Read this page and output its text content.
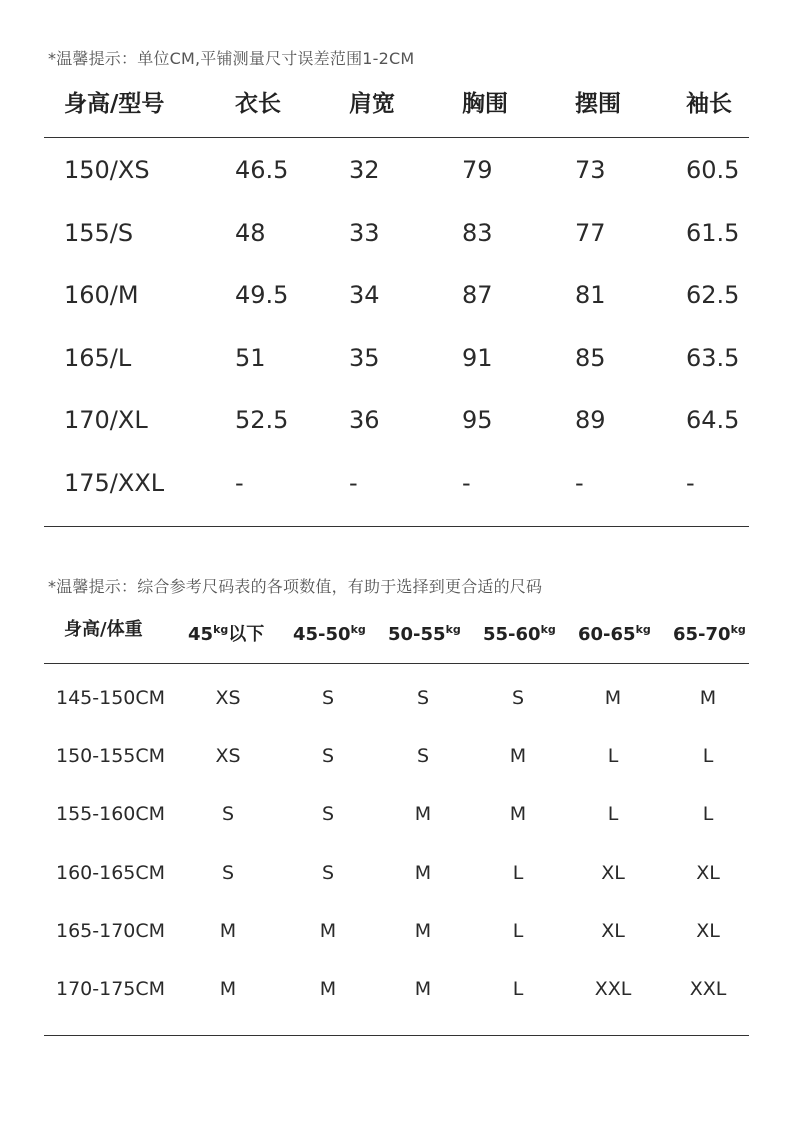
*温馨提示：单位CM,平铺测量尺寸误差范围1-2CM
身高/型号	衣长	肩宽	胸围	摆围	袖长
150/XS	46.5	32	79	73	60.5
155/S	48	33	83	77	61.5
160/M	49.5	34	87	81	62.5
165/L	51	35	91	85	63.5
170/XL	52.5	36	95	89	64.5
175/XXL	-	-	-	-	-
*温馨提示：综合参考尺码表的各项数值，有助于选择到更合适的尺码
身高/体重	$45^{kg}$以下 $45-50^{kg}$ $50-55^{kg}$ $55-60^{kg}$ $60-65^{kg}$ $65-70^{kg}$
145-150CM	XS	S	S	S	M	M
150-155CM	XS	S	S	M	L	L
155-160CM	S	S	M	M	L	L
160-165CM	S	S	M	L	XL	XL
165-170CM	M	M	M	L	XL	XL
170-175CM	M	M	M	L	XXL	XXL
